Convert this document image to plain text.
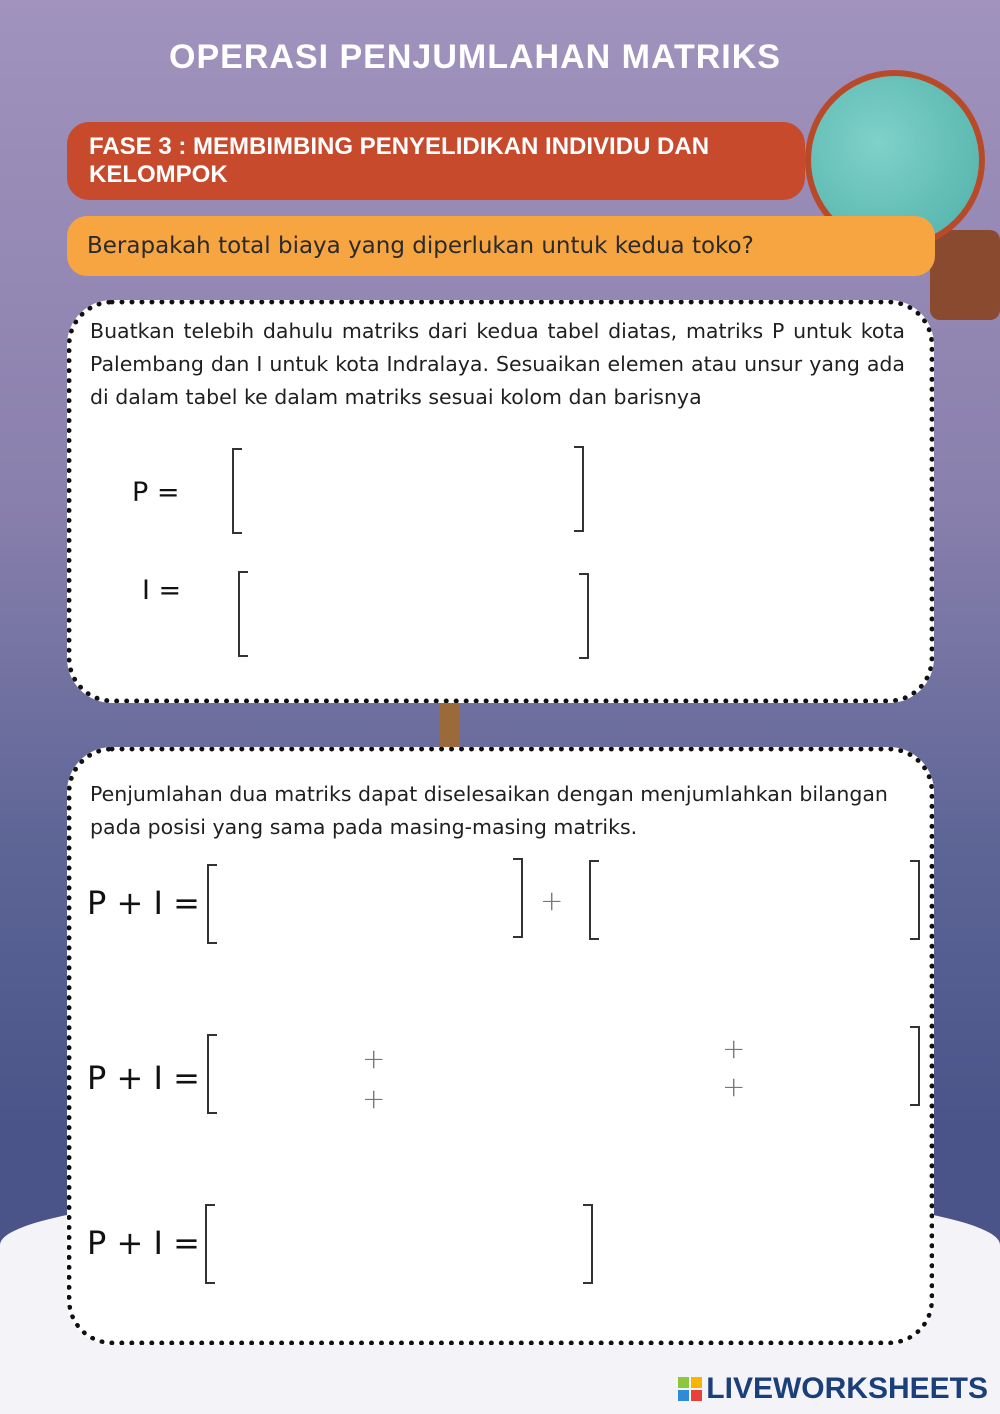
OPERASI PENJUMLAHAN MATRIKS
FASE 3 : MEMBIMBING PENYELIDIKAN INDIVIDU DAN KELOMPOK
Berapakah total biaya yang diperlukan untuk kedua toko?
Buatkan telebih dahulu matriks dari kedua tabel diatas, matriks P untuk kota Palembang dan I untuk kota Indralaya. Sesuaikan elemen atau unsur yang ada di dalam tabel ke dalam matriks sesuai kolom dan barisnya
P =
I =
Penjumlahan dua matriks dapat diselesaikan dengan menjumlahkan bilangan pada posisi yang sama pada masing-masing matriks.
P + I =	+
P + I =
+
+
+
+
P + I =
LIVEWORKSHEETS
